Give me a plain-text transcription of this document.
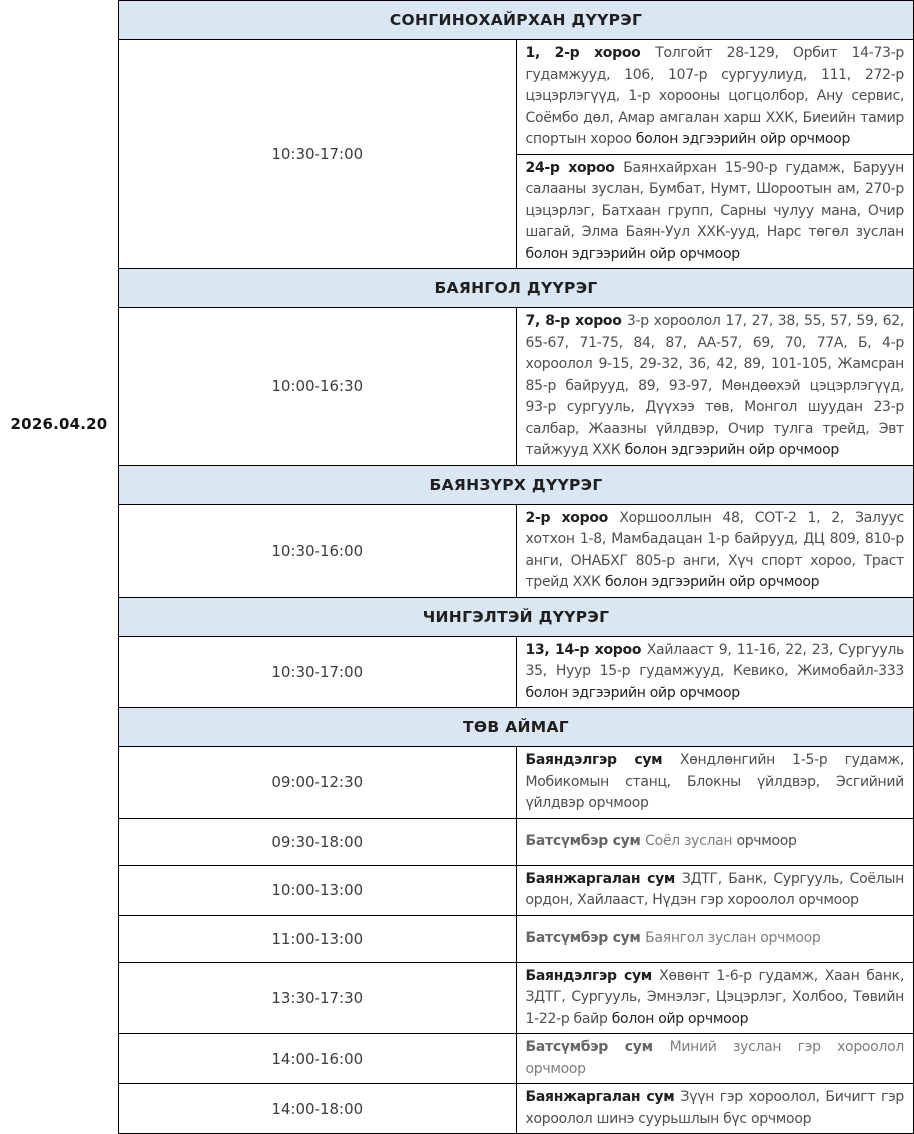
2026.04.20
СОНГИНОХАЙРХАН ДҮҮРЭГ	
10:30-17:00	1, 2-р хороо Толгойт 28-129, Орбит 14-73-р гудамжууд, 106, 107-р сургуулиуд, 111, 272-р цэцэрлэгүүд, 1-р хорооны цогцолбор, Ану сервис, Соёмбо дөл, Амар амгалан харш ХХК, Биеийн тамир спортын хороо болон эдгээрийн ойр орчмоор
	24-р хороо Баянхайрхан 15-90-р гудамж, Баруун салааны зуслан, Бумбат, Нумт, Шороотын ам, 270-р цэцэрлэг, Батхаан групп, Сарны чулуу мана, Очир шагай, Элма Баян-Уул ХХК-ууд, Нарс төгөл зуслан болон эдгээрийн ойр орчмоор
БАЯНГОЛ ДҮҮРЭГ	
10:00-16:30	7, 8-р хороо 3-р хороолол 17, 27, 38, 55, 57, 59, 62, 65-67, 71-75, 84, 87, АА-57, 69, 70, 77А, Б, 4-р хороолол 9-15, 29-32, 36, 42, 89, 101-105, Жамсран 85-р байрууд, 89, 93-97, Мөндөөхэй цэцэрлэгүүд, 93-р сургууль, Дүүхээ төв, Монгол шуудан 23-р салбар, Жаазны үйлдвэр, Очир тулга трейд, Эвт тайжууд ХХК болон эдгээрийн ойр орчмоор
БАЯНЗҮРХ ДҮҮРЭГ	
10:30-16:00	2-р хороо Хоршооллын 48, СОТ-2 1, 2, Залуус хотхон 1-8, Мамбадацан 1-р байрууд, ДЦ 809, 810-р анги, ОНАБХГ 805-р анги, Хүч спорт хороо, Траст трейд ХХК болон эдгээрийн ойр орчмоор
ЧИНГЭЛТЭЙ ДҮҮРЭГ	
10:30-17:00	13, 14-р хороо Хайлааст 9, 11-16, 22, 23, Сургууль 35, Нуур 15-р гудамжууд, Кевико, Жимобайл-333 болон эдгээрийн ойр орчмоор
ТӨВ АЙМАГ	
09:00-12:30	Баяндэлгэр сум Хөндлөнгийн 1-5-р гудамж, Мобикомын станц, Блокны үйлдвэр, Эсгийний үйлдвэр орчмоор
09:30-18:00	Батсүмбэр сум Соёл зуслан орчмоор
10:00-13:00	Баянжаргалан сум ЗДТГ, Банк, Сургууль, Соёлын ордон, Хайлааст, Нүдэн гэр хороолол орчмоор
11:00-13:00	Батсүмбэр сум Баянгол зуслан орчмоор
13:30-17:30	Баяндэлгэр сум Хөвөнт 1-6-р гудамж, Хаан банк, ЗДТГ, Сургууль, Эмнэлэг, Цэцэрлэг, Холбоо, Төвийн 1-22-р байр болон ойр орчмоор
14:00-16:00	Батсүмбэр сум Миний зуслан гэр хороолол орчмоор
14:00-18:00	Баянжаргалан сум Зүүн гэр хороолол, Бичигт гэр хороолол шинэ суурьшлын бүс орчмоор
